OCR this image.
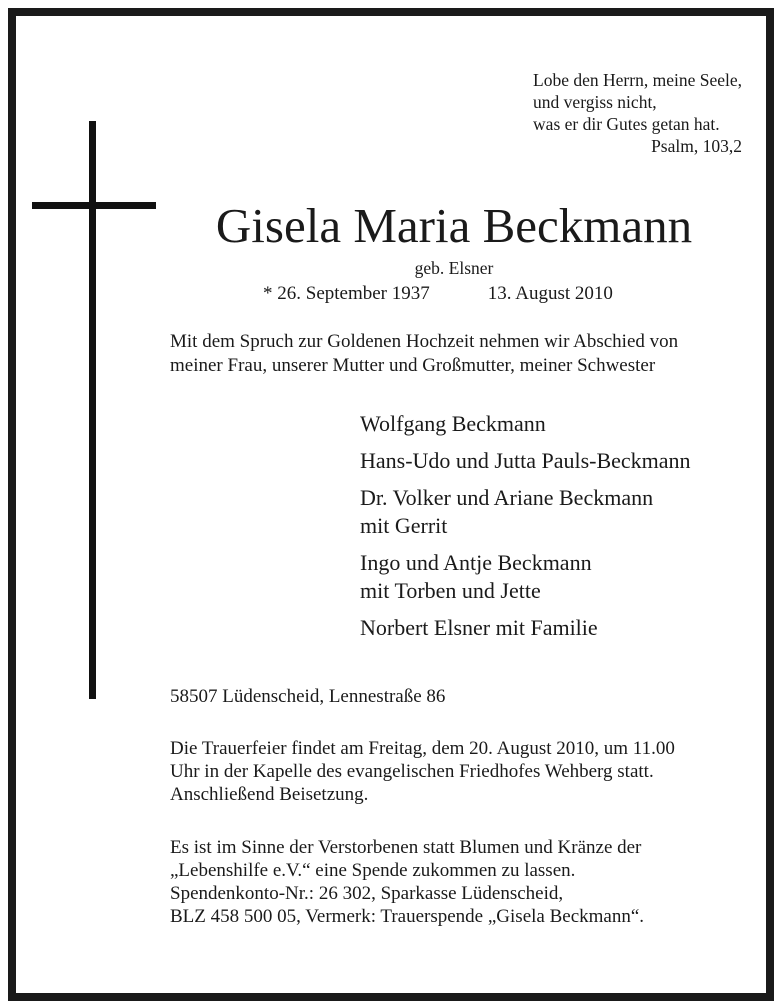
Lobe den Herrn, meine Seele,
und vergiss nicht,
was er dir Gutes getan hat.
Psalm, 103,2
Gisela Maria Beckmann
geb. Elsner
* 26. September 1937	13. August 2010
Mit dem Spruch zur Goldenen Hochzeit nehmen wir Abschied von
meiner Frau, unserer Mutter und Großmutter, meiner Schwester
Wolfgang Beckmann
Hans-Udo und Jutta Pauls-Beckmann
Dr. Volker und Ariane Beckmann
mit Gerrit
Ingo und Antje Beckmann
mit Torben und Jette
Norbert Elsner mit Familie
58507 Lüdenscheid, Lennestraße 86
Die Trauerfeier findet am Freitag, dem 20. August 2010, um 11.00
Uhr in der Kapelle des evangelischen Friedhofes Wehberg statt.
Anschließend Beisetzung.
Es ist im Sinne der Verstorbenen statt Blumen und Kränze der
„Lebenshilfe e.V.“ eine Spende zukommen zu lassen.
Spendenkonto-Nr.: 26 302, Sparkasse Lüdenscheid,
BLZ 458 500 05, Vermerk: Trauerspende „Gisela Beckmann“.
